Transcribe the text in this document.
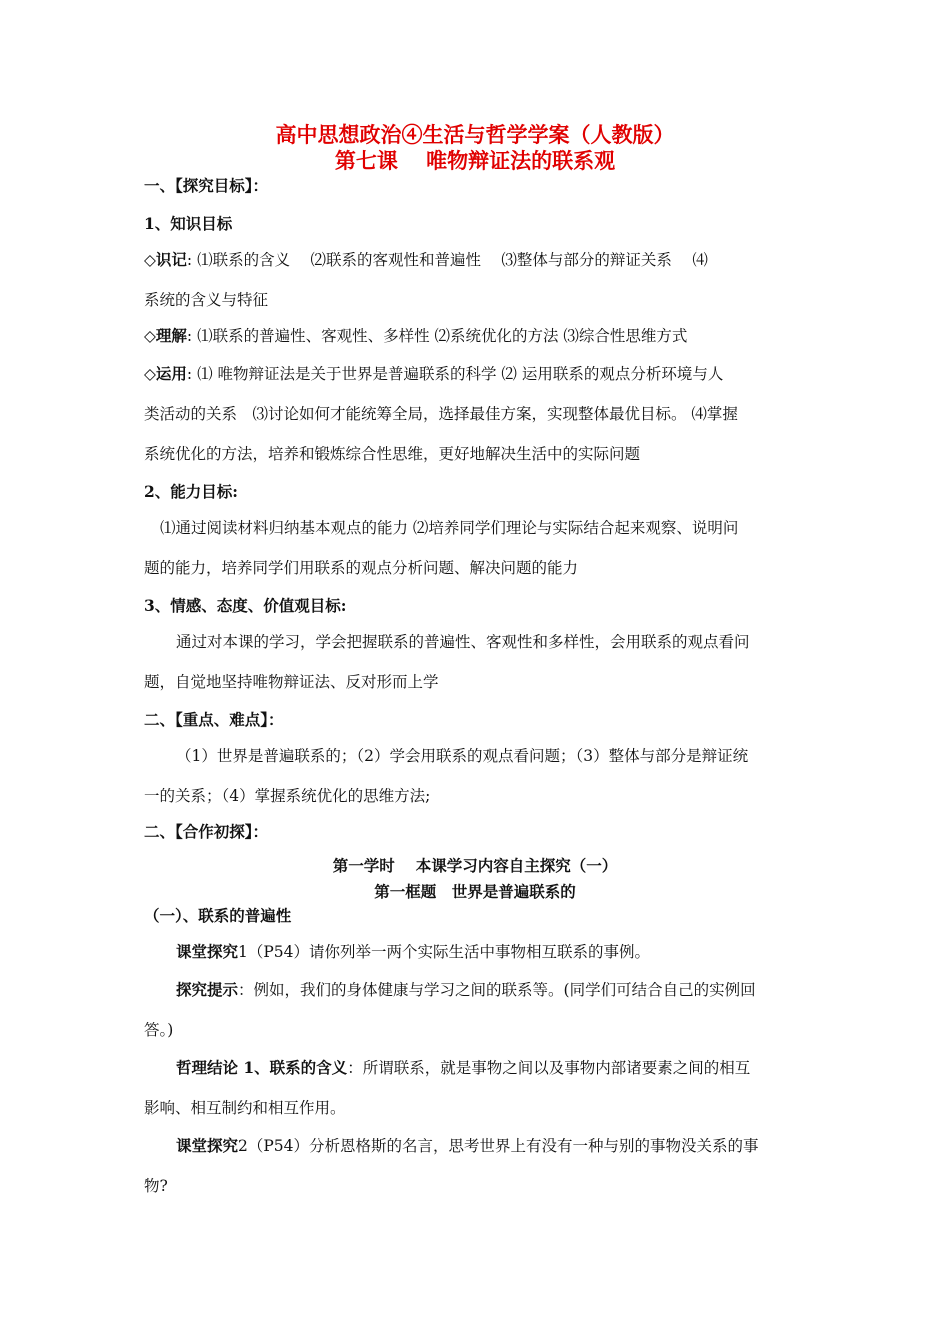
高中思想政治④生活与哲学学案（人教版）
第七课　 唯物辩证法的联系观
一、【探究目标】：
1、知识目标
◇识记: ⑴联系的含义　 ⑵联系的客观性和普遍性　 ⑶整体与部分的辩证关系　 ⑷
系统的含义与特征
◇理解: ⑴联系的普遍性、客观性、多样性 ⑵系统优化的方法 ⑶综合性思维方式
◇运用: ⑴ 唯物辩证法是关于世界是普遍联系的科学 ⑵ 运用联系的观点分析环境与人
类活动的关系　⑶讨论如何才能统筹全局，选择最佳方案，实现整体最优目标。 ⑷掌握
系统优化的方法，培养和锻炼综合性思维，更好地解决生活中的实际问题
2、能力目标:
⑴通过阅读材料归纳基本观点的能力 ⑵培养同学们理论与实际结合起来观察、说明问
题的能力，培养同学们用联系的观点分析问题、解决问题的能力
3、情感、态度、价值观目标:
通过对本课的学习，学会把握联系的普遍性、客观性和多样性，会用联系的观点看问
题，自觉地坚持唯物辩证法、反对形而上学
二、【重点、难点】：
（1）世界是普遍联系的；（2）学会用联系的观点看问题；（3）整体与部分是辩证统
一的关系；（4）掌握系统优化的思维方法;
二、【合作初探】：
第一学时　 本课学习内容自主探究（一）
第一框题　世界是普遍联系的
（一）、联系的普遍性
课堂探究1（P54）请你列举一两个实际生活中事物相互联系的事例。
探究提示：例如，我们的身体健康与学习之间的联系等。(同学们可结合自己的实例回
答。)
哲理结论 1、联系的含义：所谓联系，就是事物之间以及事物内部诸要素之间的相互
影响、相互制约和相互作用。
课堂探究2（P54）分析恩格斯的名言，思考世界上有没有一种与别的事物没关系的事
物?
